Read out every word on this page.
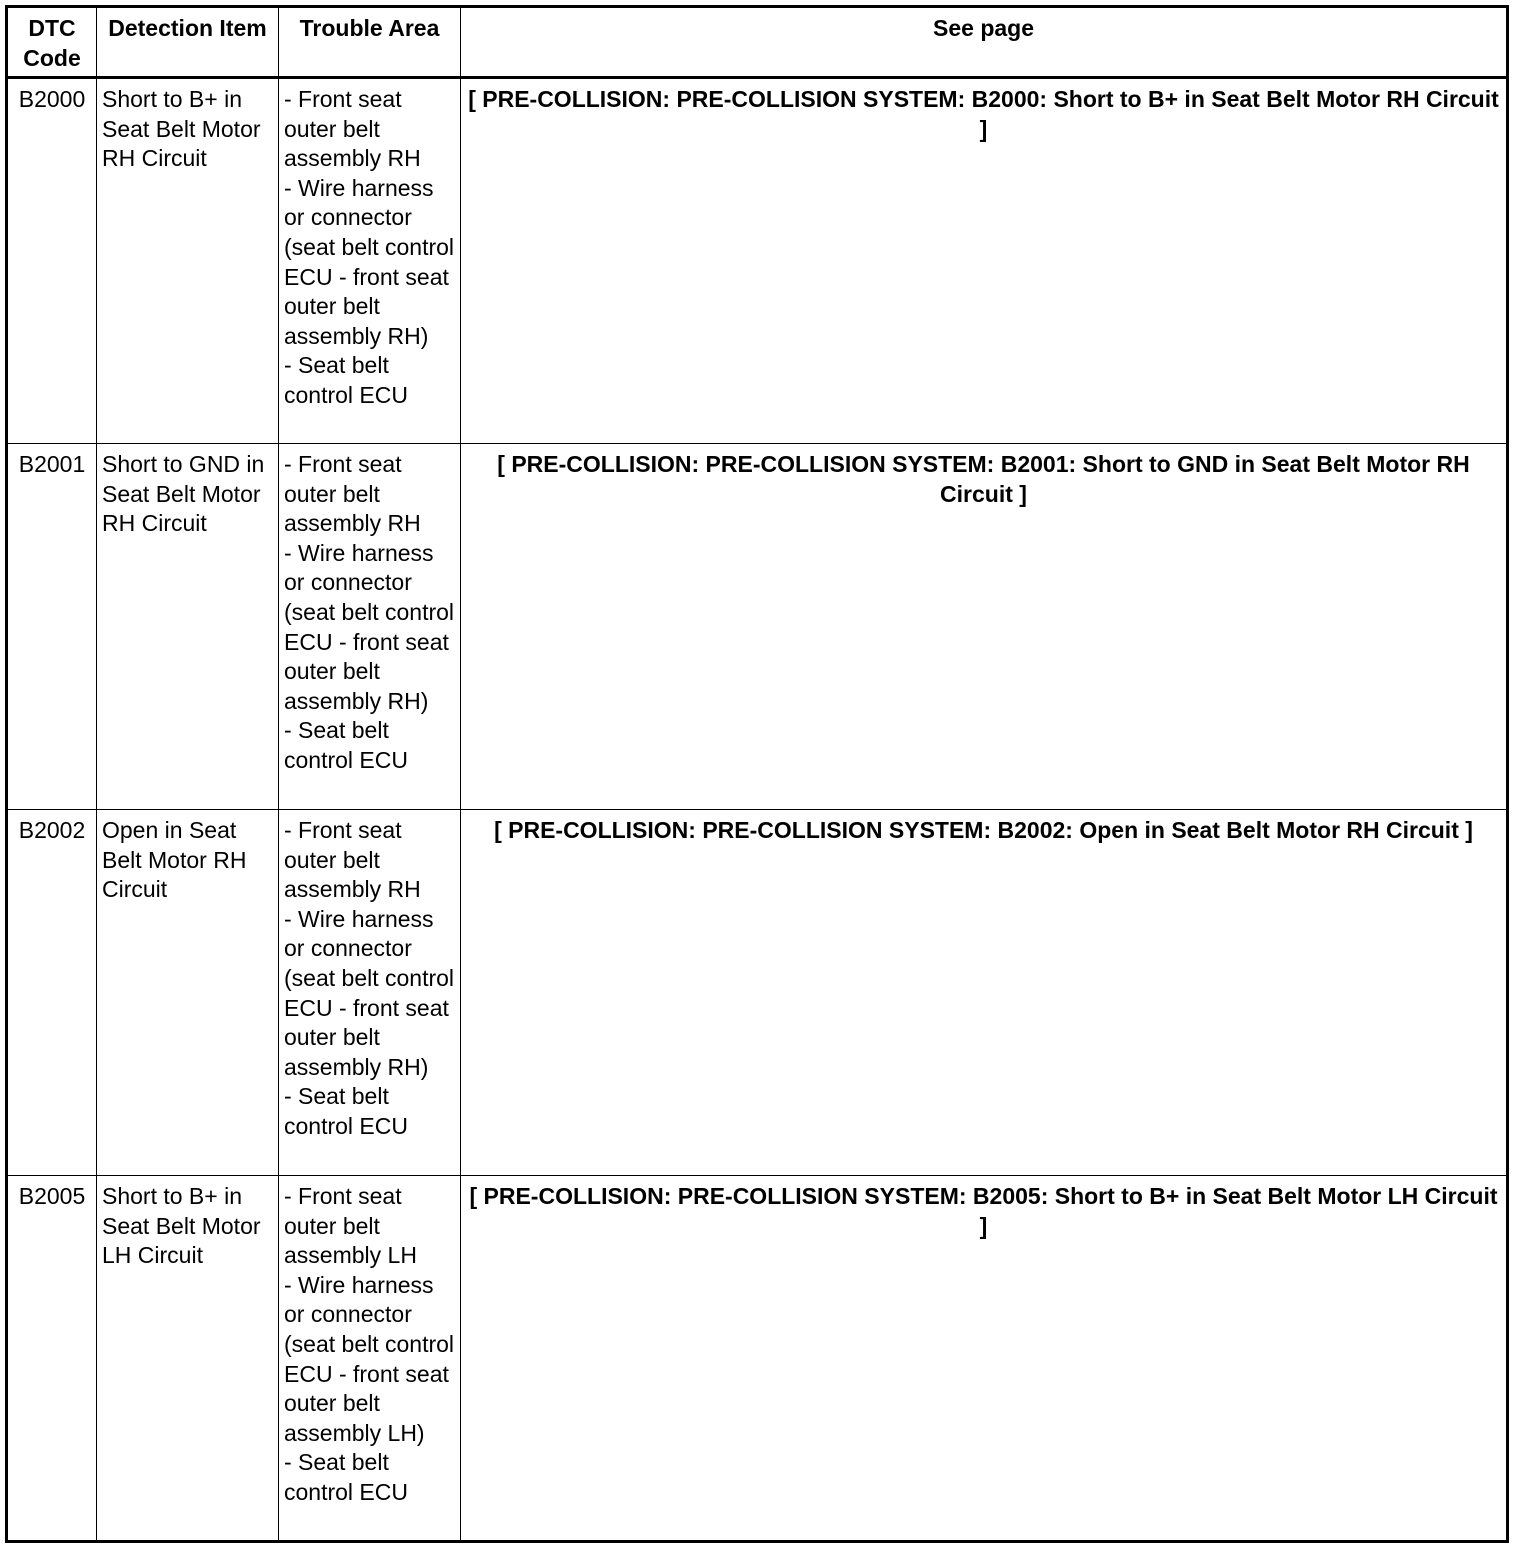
DTC Code	Detection Item	Trouble Area	See page
B2000	Short to B+ in Seat Belt Motor RH Circuit	- Front seat outer belt assembly RH
- Wire harness or connector (seat belt control ECU - front seat outer belt assembly RH)
- Seat belt control ECU	[ PRE-COLLISION: PRE-COLLISION SYSTEM: B2000: Short to B+ in Seat Belt Motor RH Circuit ]
B2001	Short to GND in Seat Belt Motor RH Circuit	- Front seat outer belt assembly RH
- Wire harness or connector (seat belt control ECU - front seat outer belt assembly RH)
- Seat belt control ECU	[ PRE-COLLISION: PRE-COLLISION SYSTEM: B2001: Short to GND in Seat Belt Motor RH Circuit ]
B2002	Open in Seat Belt Motor RH Circuit	- Front seat outer belt assembly RH
- Wire harness or connector (seat belt control ECU - front seat outer belt assembly RH)
- Seat belt control ECU	[ PRE-COLLISION: PRE-COLLISION SYSTEM: B2002: Open in Seat Belt Motor RH Circuit ]
B2005	Short to B+ in Seat Belt Motor LH Circuit	- Front seat outer belt assembly LH
- Wire harness or connector (seat belt control ECU - front seat outer belt assembly LH)
- Seat belt control ECU	[ PRE-COLLISION: PRE-COLLISION SYSTEM: B2005: Short to B+ in Seat Belt Motor LH Circuit ]
